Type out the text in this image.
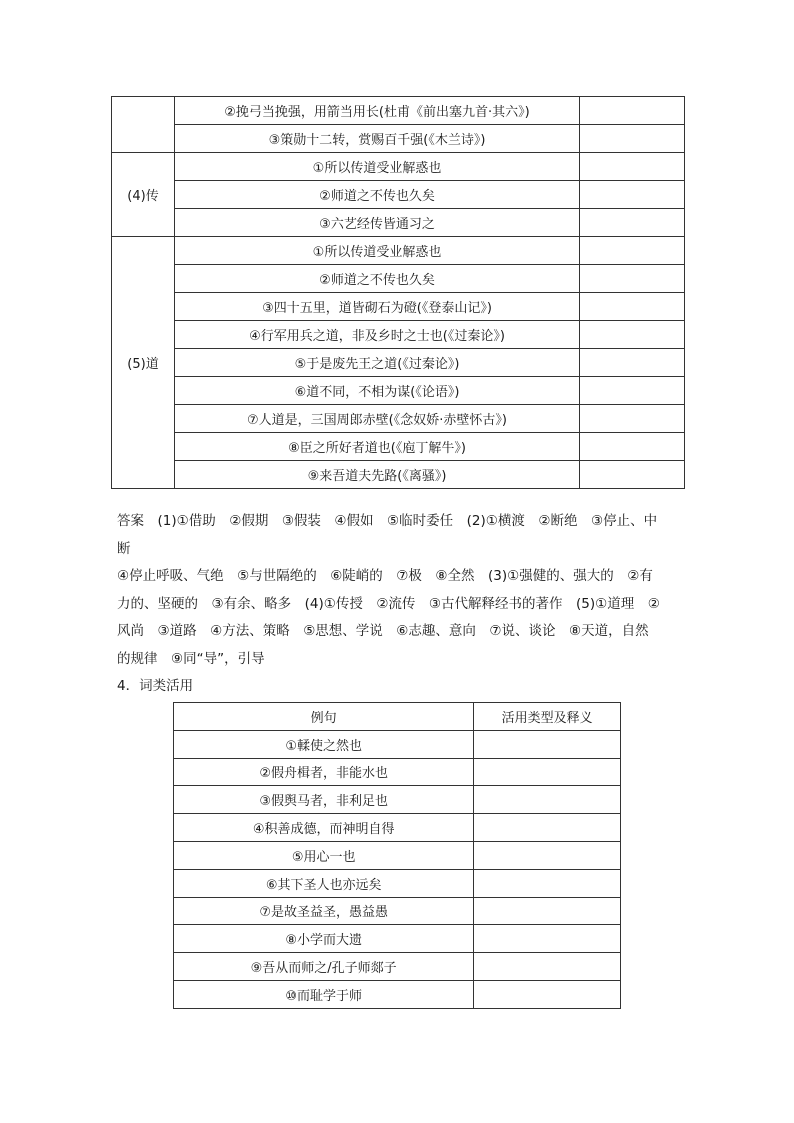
	②挽弓当挽强，用箭当用长(杜甫《前出塞九首·其六》)	
	③策勋十二转，赏赐百千强(《木兰诗》)	
(4)传	①所以传道受业解惑也	
	②师道之不传也久矣	
	③六艺经传皆通习之	
(5)道	①所以传道受业解惑也	
	②师道之不传也久矣	
	③四十五里，道皆砌石为磴(《登泰山记》)	
	④行军用兵之道，非及乡时之士也(《过秦论》)	
	⑤于是废先王之道(《过秦论》)	
	⑥道不同，不相为谋(《论语》)	
	⑦人道是，三国周郎赤壁(《念奴娇·赤壁怀古》)	
	⑧臣之所好者道也(《庖丁解牛》)	
	⑨来吾道夫先路(《离骚》)	

答案　(1)①借助　②假期　③假装　④假如　⑤临时委任　(2)①横渡　②断绝　③停止、中

断

④停止呼吸、气绝　⑤与世隔绝的　⑥陡峭的　⑦极　⑧全然　(3)①强健的、强大的　②有

力的、坚硬的　③有余、略多　(4)①传授　②流传　③古代解释经书的著作　(5)①道理　②

风尚　③道路　④方法、策略　⑤思想、学说　⑥志趣、意向　⑦说、谈论　⑧天道，自然

的规律　⑨同“导”，引导

4．词类活用

例句	活用类型及释义
①輮使之然也	
②假舟楫者，非能水也	
③假舆马者，非利足也	
④积善成德，而神明自得	
⑤用心一也	
⑥其下圣人也亦远矣	
⑦是故圣益圣，愚益愚	
⑧小学而大遗	
⑨吾从而师之/孔子师郯子	
⑩而耻学于师	
